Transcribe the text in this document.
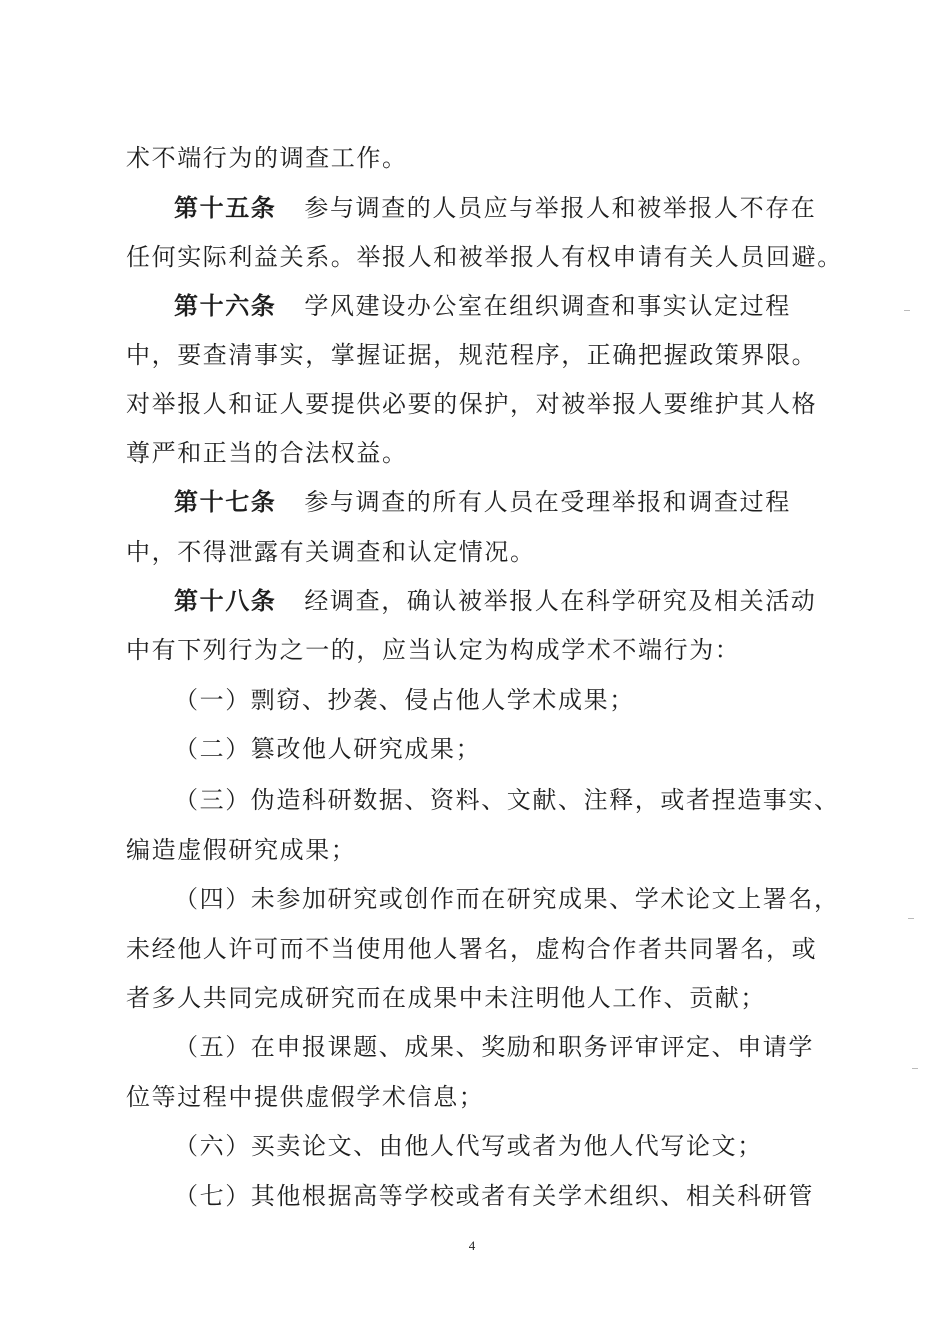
术不端行为的调查工作。
第十五条 参与调查的人员应与举报人和被举报人不存在
任何实际利益关系。举报人和被举报人有权申请有关人员回避。
第十六条 学风建设办公室在组织调查和事实认定过程
中，要查清事实，掌握证据，规范程序，正确把握政策界限。
对举报人和证人要提供必要的保护，对被举报人要维护其人格
尊严和正当的合法权益。
第十七条 参与调查的所有人员在受理举报和调查过程
中，不得泄露有关调查和认定情况。
第十八条 经调查，确认被举报人在科学研究及相关活动
中有下列行为之一的，应当认定为构成学术不端行为：
（一）剽窃、抄袭、侵占他人学术成果；
（二）篡改他人研究成果；
（三）伪造科研数据、资料、文献、注释，或者捏造事实、
编造虚假研究成果；
（四）未参加研究或创作而在研究成果、学术论文上署名，
未经他人许可而不当使用他人署名，虚构合作者共同署名，或
者多人共同完成研究而在成果中未注明他人工作、贡献；
（五）在申报课题、成果、奖励和职务评审评定、申请学
位等过程中提供虚假学术信息；
（六）买卖论文、由他人代写或者为他人代写论文；
（七）其他根据高等学校或者有关学术组织、相关科研管
4
